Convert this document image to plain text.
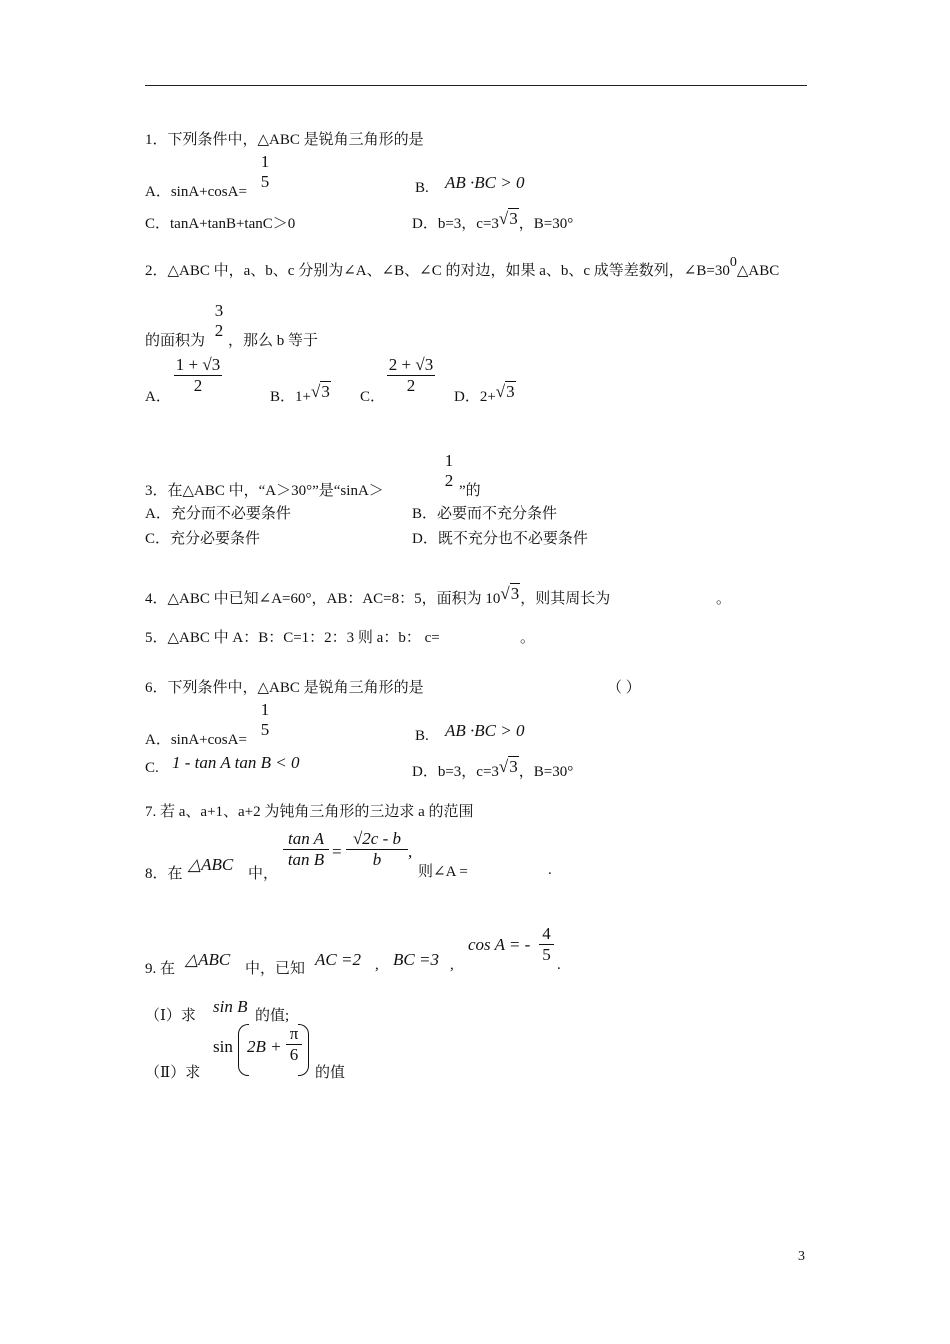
1．下列条件中，△ABC 是锐角三角形的是
A．sinA+cosA=
1
5	B. AB ·BC > 0
C．tanA+tanB+tanC＞0	D．b=3，c=3√3，B=30°
2．△ABC 中，a、b、c 分别为∠A、∠B、∠C 的对边，如果 a、b、c 成等差数列，$\angle B=30^0\triangle ABC$
的面积为
3
2
，那么 b 等于
A．
1 + √3
2
B．1+√3 C．
2 + √3
2
D．2+√3
3．在△ABC 中，“A＞30°”是“sinA＞
1
2
”的
A．充分而不必要条件	B．必要而不充分条件
C．充分必要条件	D．既不充分也不必要条件
4．△ABC 中已知∠A=60°，AB：AC=8：5，面积为 10√3，则其周长为	。
5．△ABC 中 A：B：C=1：2：3 则 a：b： c=	。
6．下列条件中，△ABC 是锐角三角形的是	（ ）
A．sinA+cosA=
1
5	B. AB ·BC > 0
C. 1 - tan A tan B < 0	D．b=3，c=3√3，B=30°
7. 若 a、a+1、a+2 为钝角三角形的三边求 a 的范围
8．在 △ABC 中，
tan A
tan B =
√2c - b
b	,
则∠A =	.
9. 在 △ABC 中，已知 AC =2 , BC =3 ,
cos A = -
4
5
.
（Ⅰ）求 sin B 的值;
（Ⅱ）求
sin 2B +
π
6
的值
3
